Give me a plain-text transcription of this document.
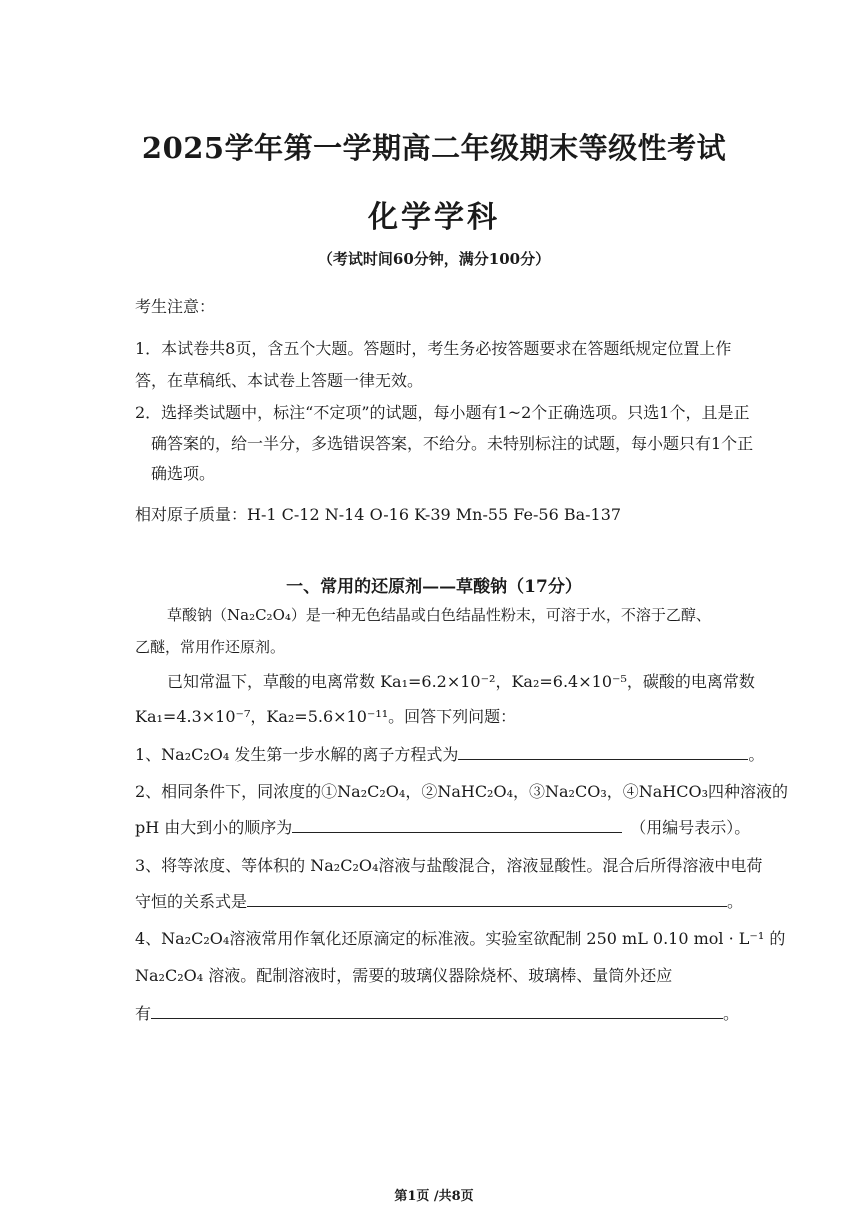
2025学年第一学期高二年级期末等级性考试
化学学科
（考试时间60分钟，满分100分）
考生注意：
1．本试卷共8页，含五个大题。答题时，考生务必按答题要求在答题纸规定位置上作
答，在草稿纸、本试卷上答题一律无效。
2．选择类试题中，标注“不定项”的试题，每小题有1~2个正确选项。只选1个，且是正
确答案的，给一半分，多选错误答案，不给分。未特别标注的试题，每小题只有1个正
确选项。
相对原子质量：H-1 C-12 N-14 O-16 K-39 Mn-55 Fe-56 Ba-137
一、常用的还原剂——草酸钠（17分）
草酸钠（Na₂C₂O₄）是一种无色结晶或白色结晶性粉末，可溶于水，不溶于乙醇、
乙醚，常用作还原剂。
已知常温下，草酸的电离常数 Ka₁=6.2×10⁻²，Ka₂=6.4×10⁻⁵，碳酸的电离常数
Ka₁=4.3×10⁻⁷，Ka₂=5.6×10⁻¹¹。回答下列问题：
1、Na₂C₂O₄ 发生第一步水解的离子方程式为	。
2、相同条件下，同浓度的①Na₂C₂O₄，②NaHC₂O₄，③Na₂CO₃，④NaHCO₃四种溶液的
pH 由大到小的顺序为	（用编号表示）。
3、将等浓度、等体积的 Na₂C₂O₄溶液与盐酸混合，溶液显酸性。混合后所得溶液中电荷
守恒的关系式是	。
4、Na₂C₂O₄溶液常用作氧化还原滴定的标准液。实验室欲配制 250 mL 0.10 mol · L⁻¹ 的
Na₂C₂O₄ 溶液。配制溶液时，需要的玻璃仪器除烧杯、玻璃棒、量筒外还应
有	。
第1页 /共8页
